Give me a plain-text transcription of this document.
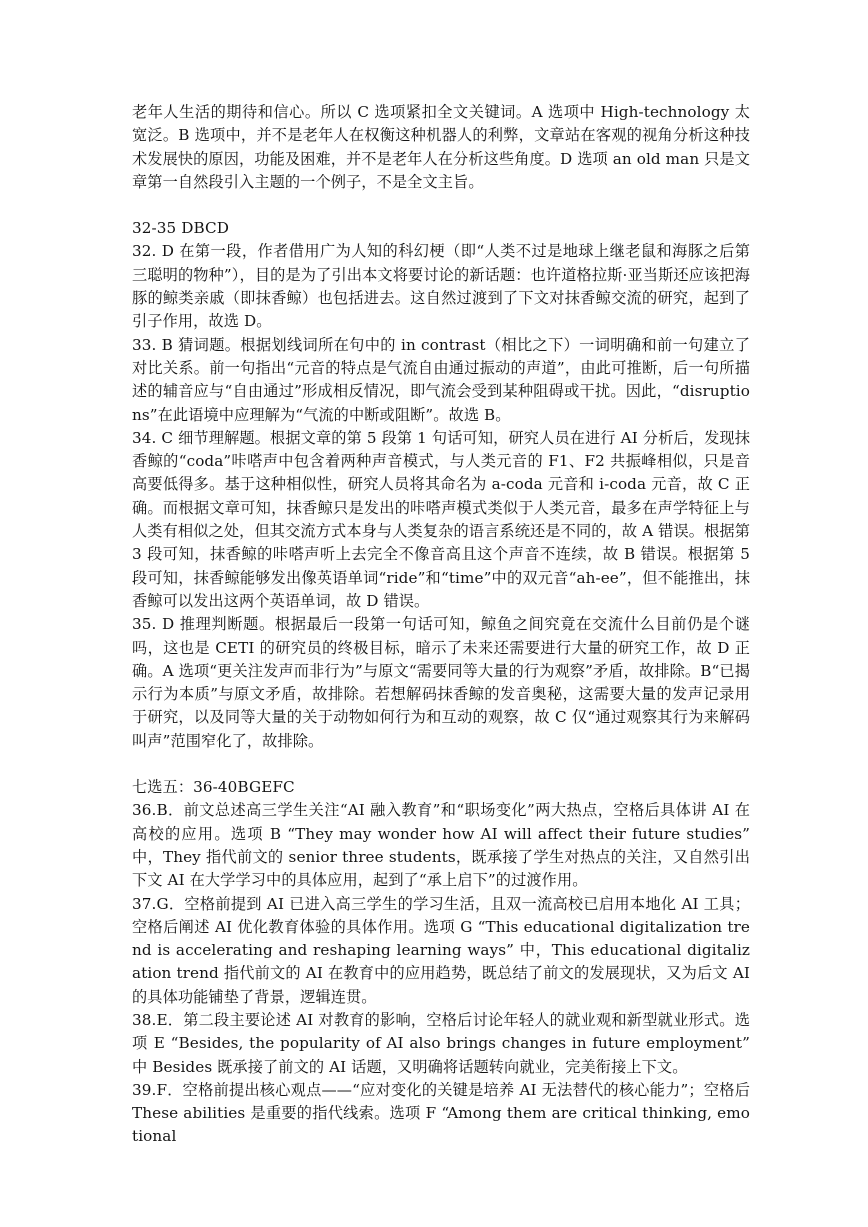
老年人生活的期待和信心。所以 C 选项紧扣全文关键词。A 选项中 High-technology 太宽泛。B 选项中，并不是老年人在权衡这种机器人的利弊，文章站在客观的视角分析这种技术发展快的原因，功能及困难，并不是老年人在分析这些角度。D 选项 an old man 只是文章第一自然段引入主题的一个例子，不是全文主旨。

32-35 DBCD

32. D 在第一段，作者借用广为人知的科幻梗（即“人类不过是地球上继老鼠和海豚之后第三聪明的物种”），目的是为了引出本文将要讨论的新话题：也许道格拉斯·亚当斯还应该把海豚的鲸类亲戚（即抹香鲸）也包括进去。这自然过渡到了下文对抹香鲸交流的研究，起到了引子作用，故选 D。

33. B 猜词题。根据划线词所在句中的 in contrast（相比之下）一词明确和前一句建立了对比关系。前一句指出“元音的特点是气流自由通过振动的声道”，由此可推断，后一句所描述的辅音应与“自由通过”形成相反情况，即气流会受到某种阻碍或干扰。因此，“disruptions”在此语境中应理解为“气流的中断或阻断”。故选 B。

34. C 细节理解题。根据文章的第 5 段第 1 句话可知，研究人员在进行 AI 分析后，发现抹香鲸的“coda”咔嗒声中包含着两种声音模式，与人类元音的 F1、F2 共振峰相似，只是音高要低得多。基于这种相似性，研究人员将其命名为 a-coda 元音和 i-coda 元音，故 C 正确。而根据文章可知，抹香鲸只是发出的咔嗒声模式类似于人类元音，最多在声学特征上与人类有相似之处，但其交流方式本身与人类复杂的语言系统还是不同的，故 A 错误。根据第 3 段可知，抹香鲸的咔嗒声听上去完全不像音高且这个声音不连续，故 B 错误。根据第 5 段可知，抹香鲸能够发出像英语单词“ride”和“time”中的双元音“ah-ee”，但不能推出，抹香鲸可以发出这两个英语单词，故 D 错误。

35. D 推理判断题。根据最后一段第一句话可知，鲸鱼之间究竟在交流什么目前仍是个谜吗，这也是 CETI 的研究员的终极目标，暗示了未来还需要进行大量的研究工作，故 D 正确。A 选项“更关注发声而非行为”与原文“需要同等大量的行为观察”矛盾，故排除。B“已揭示行为本质”与原文矛盾，故排除。若想解码抹香鲸的发音奥秘，这需要大量的发声记录用于研究，以及同等大量的关于动物如何行为和互动的观察，故 C 仅“通过观察其行为来解码叫声”范围窄化了，故排除。

七选五：36-40BGEFC

36.B．前文总述高三学生关注“AI 融入教育”和“职场变化”两大热点，空格后具体讲 AI 在高校的应用。选项 B “They may wonder how AI will affect their future studies” 中，They 指代前文的 senior three students，既承接了学生对热点的关注，又自然引出下文 AI 在大学学习中的具体应用，起到了“承上启下”的过渡作用。

37.G．空格前提到 AI 已进入高三学生的学习生活，且双一流高校已启用本地化 AI 工具；空格后阐述 AI 优化教育体验的具体作用。选项 G “This educational digitalization trend is accelerating and reshaping learning ways” 中，This educational digitalization trend 指代前文的 AI 在教育中的应用趋势，既总结了前文的发展现状，又为后文 AI 的具体功能铺垫了背景，逻辑连贯。

38.E．第二段主要论述 AI 对教育的影响，空格后讨论年轻人的就业观和新型就业形式。选项 E “Besides, the popularity of AI also brings changes in future employment” 中 Besides 既承接了前文的 AI 话题，又明确将话题转向就业，完美衔接上下文。

39.F．空格前提出核心观点——“应对变化的关键是培养 AI 无法替代的核心能力”；空格后 These abilities 是重要的指代线索。选项 F “Among them are critical thinking, emotional
